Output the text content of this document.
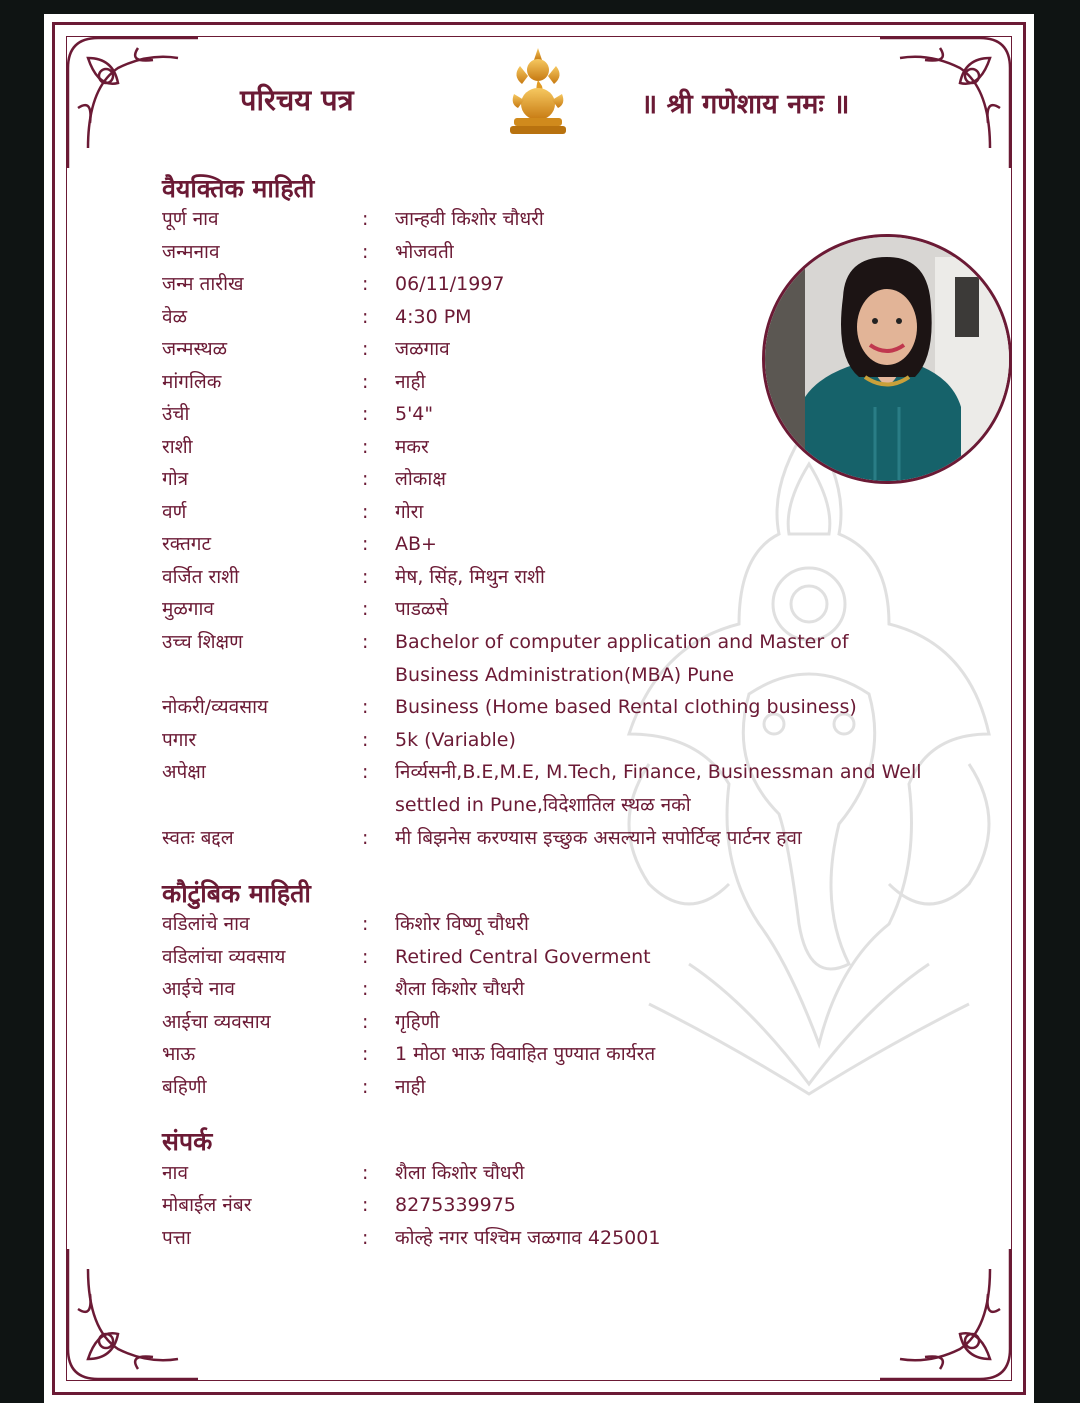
परिचय पत्र	॥ श्री गणेशाय नमः ॥
वैयक्तिक माहिती
पूर्ण नाव	: जान्हवी किशोर चौधरी
जन्मनाव	: भोजवती
जन्म तारीख	: 06/11/1997
वेळ	: 4:30 PM
जन्मस्थळ	: जळगाव
मांगलिक	: नाही
उंची	: 5'4"
राशी	: मकर
गोत्र	: लोकाक्ष
वर्ण	: गोरा
रक्तगट	: AB+
वर्जित राशी	: मेष, सिंह, मिथुन राशी
मुळगाव	: पाडळसे
उच्च शिक्षण	: Bachelor of computer application and Master of
Business Administration(MBA) Pune
नोकरी/व्यवसाय	: Business (Home based Rental clothing business)
पगार	: 5k (Variable)
अपेक्षा	: निर्व्यसनी,B.E,M.E, M.Tech, Finance, Businessman and Well
settled in Pune,विदेशातिल स्थळ नको
स्वतः बद्दल	: मी बिझनेस करण्यास इच्छुक असल्याने सपोर्टिव्ह पार्टनर हवा
कौटुंबिक माहिती
वडिलांचे नाव	: किशोर विष्णू चौधरी
वडिलांचा व्यवसाय	: Retired Central Goverment
आईचे नाव	: शैला किशोर चौधरी
आईचा व्यवसाय	: गृहिणी
भाऊ	: 1 मोठा भाऊ विवाहित पुण्यात कार्यरत
बहिणी	: नाही
संपर्क
नाव	: शैला किशोर चौधरी
मोबाईल नंबर	: 8275339975
पत्ता	: कोल्हे नगर पश्चिम जळगाव 425001
